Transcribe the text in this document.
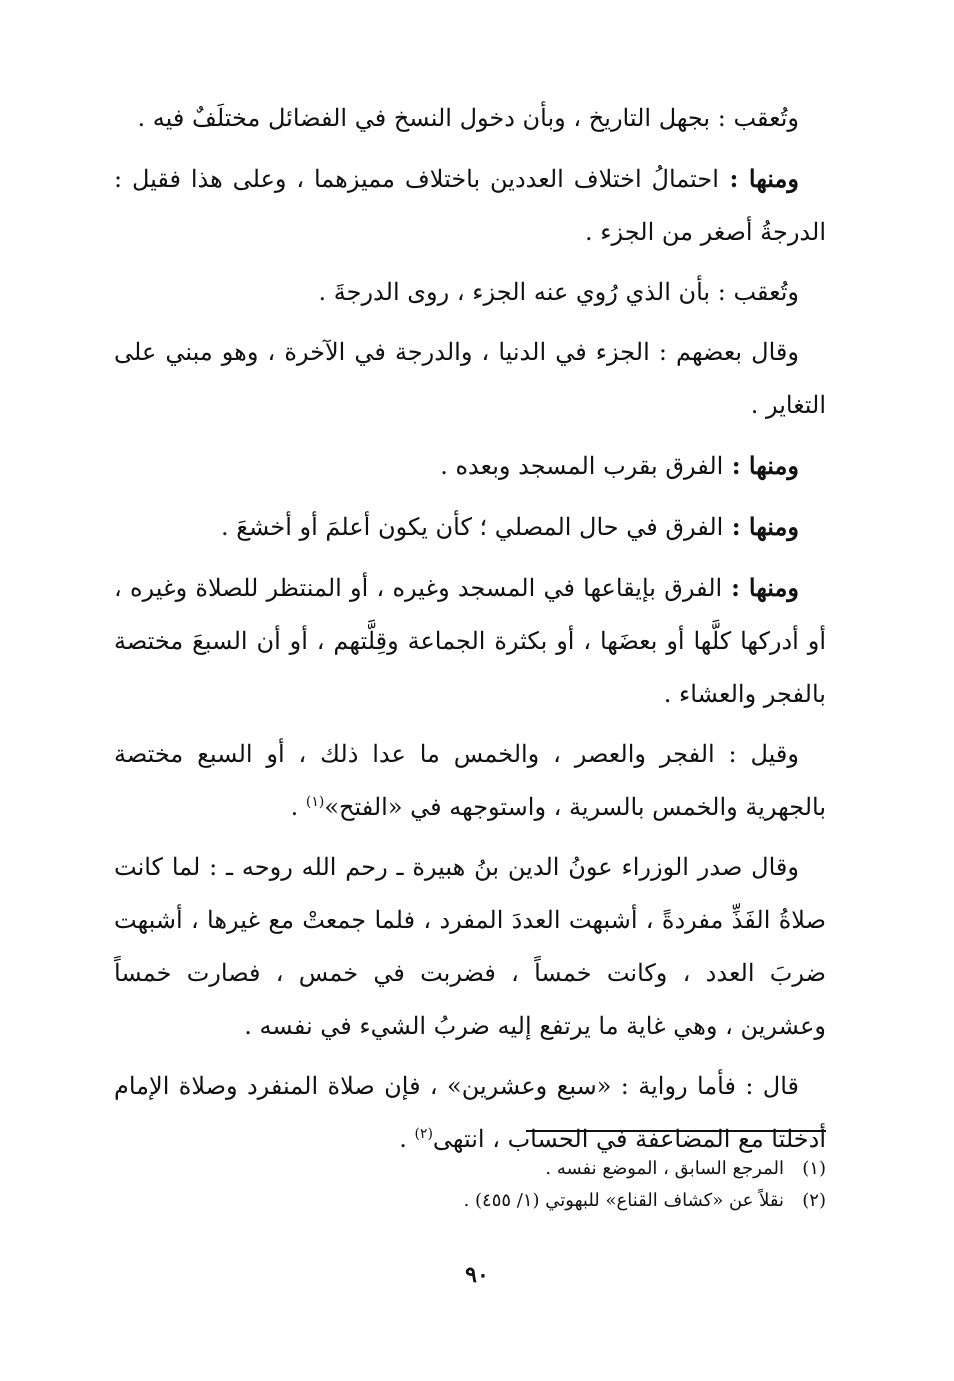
وتُعقب : بجهل التاريخ ، وبأن دخول النسخ في الفضائل مختلَفٌ فيه .

ومنها : احتمالُ اختلاف العددين باختلاف مميزهما ، وعلى هذا فقيل : الدرجةُ أصغر من الجزء .

وتُعقب : بأن الذي رُوي عنه الجزء ، روى الدرجةَ .

وقال بعضهم : الجزء في الدنيا ، والدرجة في الآخرة ، وهو مبني على التغاير .

ومنها : الفرق بقرب المسجد وبعده .

ومنها : الفرق في حال المصلي ؛ كأن يكون أعلمَ أو أخشعَ .

ومنها : الفرق بإيقاعها في المسجد وغيره ، أو المنتظر للصلاة وغيره ، أو أدركها كلَّها أو بعضَها ، أو بكثرة الجماعة وقِلَّتهم ، أو أن السبعَ مختصة بالفجر والعشاء .

وقيل : الفجر والعصر ، والخمس ما عدا ذلك ، أو السبع مختصة بالجهرية والخمس بالسرية ، واستوجهه في «الفتح»$^{(١)}$ .

وقال صدر الوزراء عونُ الدين بنُ هبيرة ـ رحم الله روحه ـ : لما كانت صلاةُ الفَذِّ مفردةً ، أشبهت العددَ المفرد ، فلما جمعتْ مع غيرها ، أشبهت ضربَ العدد ، وكانت خمساً ، فضربت في خمس ، فصارت خمساً وعشرين ، وهي غاية ما يرتفع إليه ضربُ الشيء في نفسه .

قال : فأما رواية : «سبع وعشرين» ، فإن صلاة المنفرد وصلاة الإمام أدخلتا مع المضاعفة في الحساب ، انتهى$^{(٢)}$ .

(١)المرجع السابق ، الموضع نفسه .

(٢)نقلاً عن «كشاف القناع» للبهوتي (١/ ٤٥٥) .

٩٠
